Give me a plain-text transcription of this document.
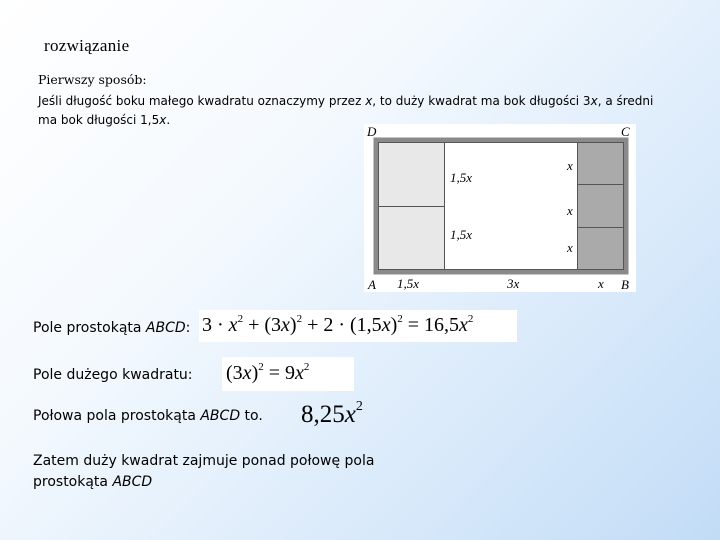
rozwiązanie
Pierwszy sposób:
Jeśli długość boku małego kwadratu oznaczymy przez x, to duży kwadrat ma bok długości 3x, a średni ma bok długości 1,5x.
D	C
A	B
x
x
x
1,5x
1,5x
1,5x	3x	x
Pole prostokąta ABCD: $3 \cdot x^2 + (3x)^2 + 2 \cdot (1,5x)^2 = 16,5x^2$
Pole dużego kwadratu: $(3x)^2 = 9x^2$
Połowa pola prostokąta ABCD to. $8,25x^2$
Zatem duży kwadrat zajmuje ponad połowę pola prostokąta ABCD
